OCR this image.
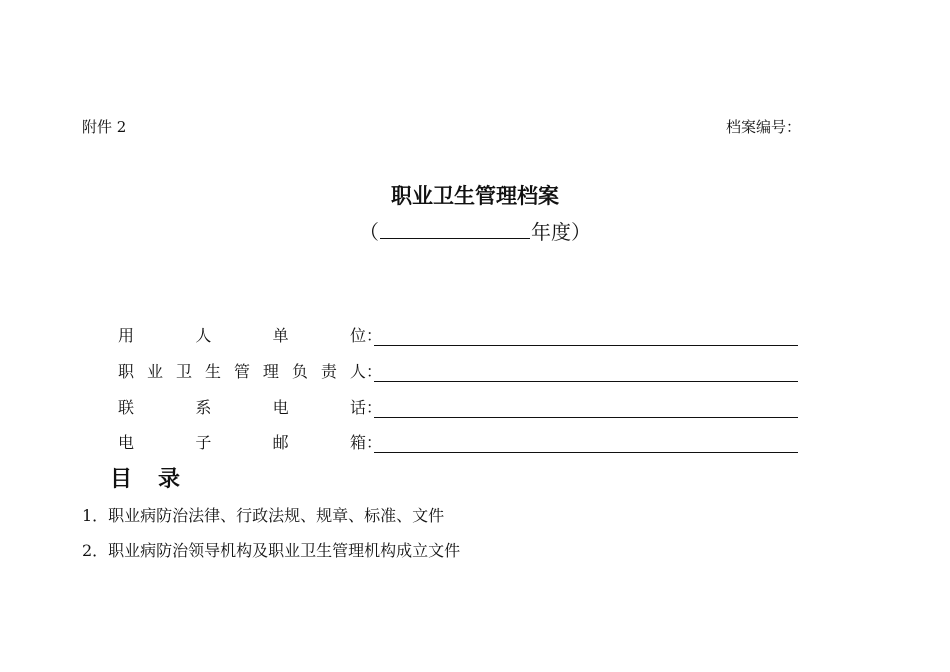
附件 2	档案编号：
职业卫生管理档案
（	年度）
用	人	单	位 ：
职 业 卫 生 管 理 负 责 人 ：
联	系	电	话 ：
电	子	邮	箱 ：
目录
1．职业病防治法律、行政法规、规章、标准、文件
2．职业病防治领导机构及职业卫生管理机构成立文件
